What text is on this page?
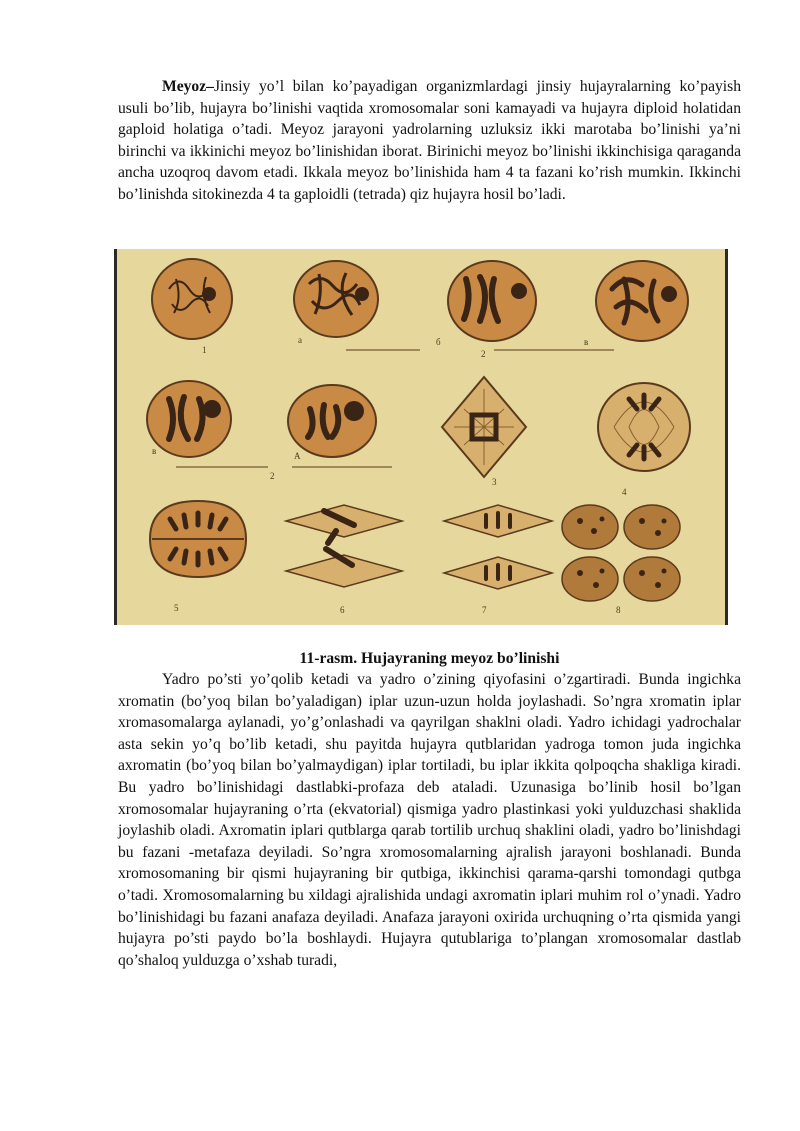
Meyoz–Jinsiy yo’l bilan ko’payadigan organizmlardagi jinsiy hujayralarning ko’payish usuli bo’lib, hujayra bo’linishi vaqtida xromosomalar soni kamayadi va hujayra diploid holatidan gaploid holatiga o’tadi. Meyoz jarayoni yadrolarning uzluksiz ikki marotaba bo’linishi ya’ni birinchi va ikkinichi meyoz bo’linishidan iborat. Birinichi meyoz bo’linishi ikkinchisiga qaraganda ancha uzoqroq davom etadi. Ikkala meyoz bo’linishida ham 4 ta fazani ko’rish mumkin. Ikkinchi bo’linishda sitokinezda 4 ta gaploidli (tetrada) qiz hujayra hosil bo’ladi.

1
a	б	в
2
в	A
2
3
4
5	6	7	8

11-rasm. Hujayraning meyoz bo’linishi

Yadro po’sti yo’qolib ketadi va yadro o’zining qiyofasini o’zgartiradi. Bunda ingichka xromatin (bo’yoq bilan bo’yaladigan) iplar uzun-uzun holda joylashadi. So’ngra xromatin iplar xromasomalarga aylanadi, yo’g’onlashadi va qayrilgan shaklni oladi. Yadro ichidagi yadrochalar asta sekin yo’q bo’lib ketadi, shu payitda hujayra qutblaridan yadroga tomon juda ingichka axromatin (bo’yoq bilan bo’yalmaydigan) iplar tortiladi, bu iplar ikkita qolpoqcha shakliga kiradi. Bu yadro bo’linishidagi dastlabki-profaza deb ataladi. Uzunasiga bo’linib hosil bo’lgan xromosomalar hujayraning o’rta (ekvatorial) qismiga yadro plastinkasi yoki yulduzchasi shaklida joylashib oladi. Axromatin iplari qutblarga qarab tortilib urchuq shaklini oladi, yadro bo’linishdagi bu fazani -metafaza deyiladi. So’ngra xromosomalarning ajralish jarayoni boshlanadi. Bunda xromosomaning bir qismi hujayraning bir qutbiga, ikkinchisi qarama-qarshi tomondagi qutbga o’tadi. Xromosomalarning bu xildagi ajralishida undagi axromatin iplari muhim rol o’ynadi. Yadro bo’linishidagi bu fazani anafaza deyiladi. Anafaza jarayoni oxirida urchuqning o’rta qismida yangi hujayra po’sti paydo bo’la boshlaydi. Hujayra qutublariga to’plangan xromosomalar dastlab qo’shaloq yulduzga o’xshab turadi,
